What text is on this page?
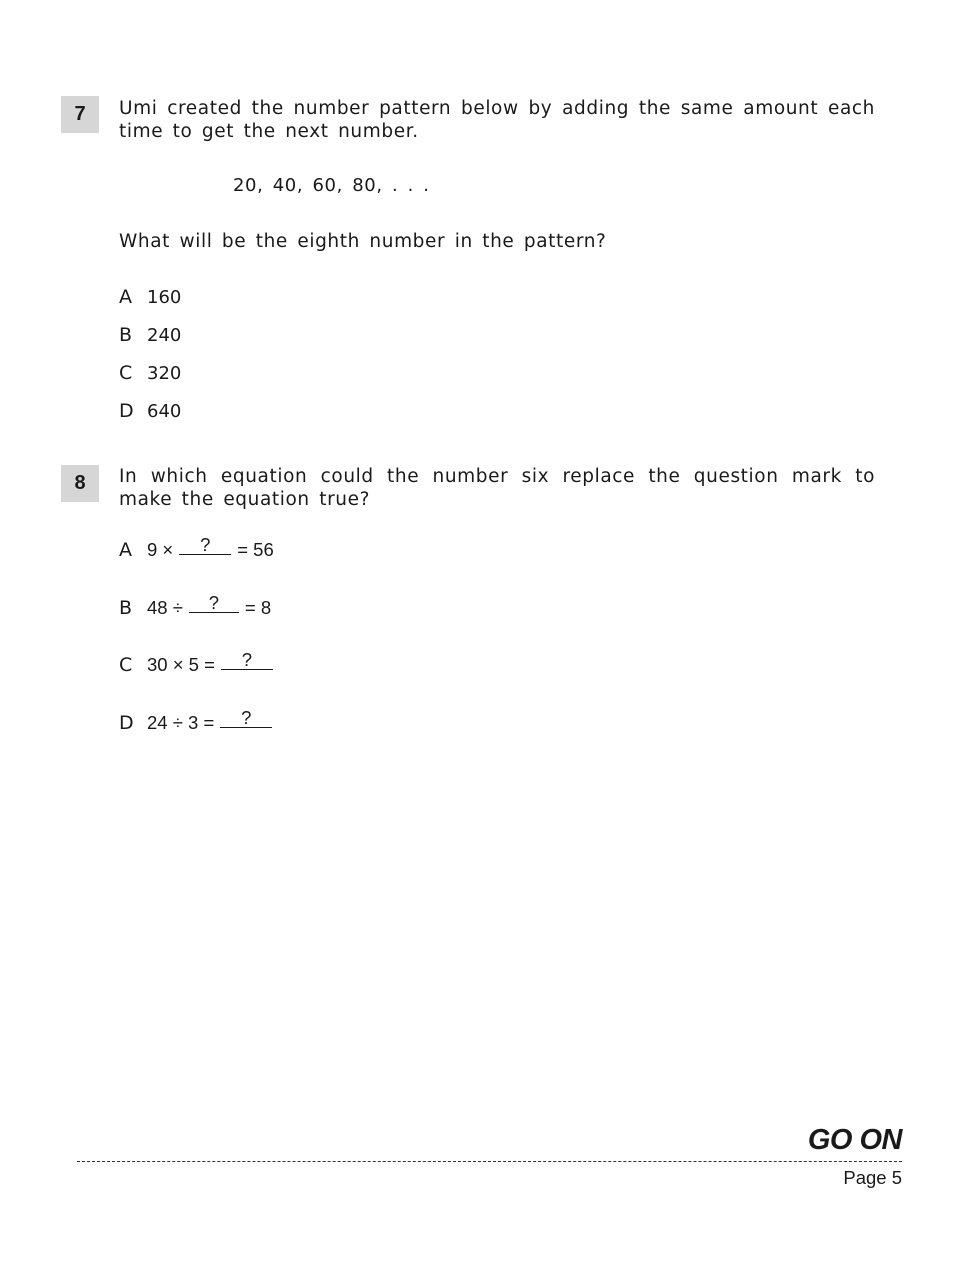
7	Umi created the number pattern below by adding the same amount each time to get the next number.
20, 40, 60, 80, . . .
What will be the eighth number in the pattern?
A 160
B 240
C 320
D 640
8	In which equation could the number six replace the question mark to make the equation true?
A 9 ×	?	= 56
B 48 ÷	?	= 8
C 30 × 5 =	?
D 24 ÷ 3 =	?
GO ON
Page 5
